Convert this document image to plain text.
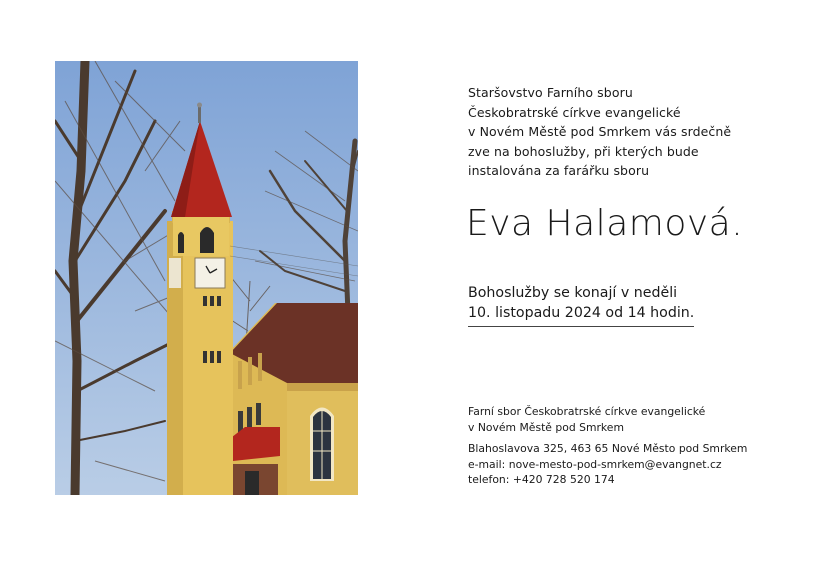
Staršovstvo Farního sboru
Českobratrské církve evangelické
v Novém Městě pod Smrkem vás srdečně
zve na bohoslužby, při kterých bude
instalována za farářku sboru
Eva Halamová.
Bohoslužby se konají v neděli
10. listopadu 2024 od 14 hodin.
Farní sbor Českobratrské církve evangelické
v Novém Městě pod Smrkem
Blahoslavova 325, 463 65 Nové Město pod Smrkem
e-mail: nove-mesto-pod-smrkem@evangnet.cz
telefon: +420 728 520 174
